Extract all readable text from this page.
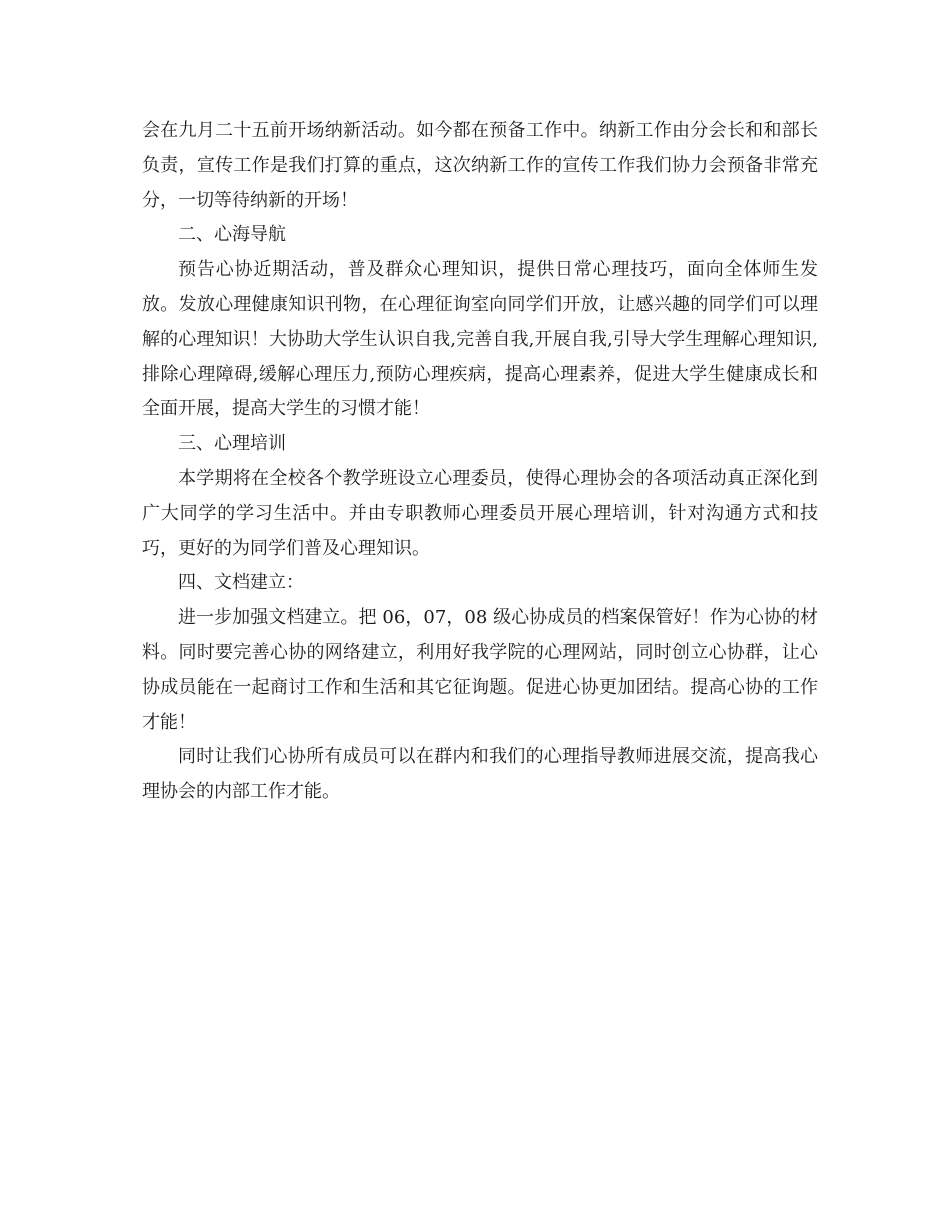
会在九月二十五前开场纳新活动。如今都在预备工作中。纳新工作由分会长和和部长负责，宣传工作是我们打算的重点，这次纳新工作的宣传工作我们协力会预备非常充分，一切等待纳新的开场！

二、心海导航

预告心协近期活动，普及群众心理知识，提供日常心理技巧，面向全体师生发放。发放心理健康知识刊物，在心理征询室向同学们开放，让感兴趣的同学们可以理解的心理知识！大协助大学生认识自我,完善自我,开展自我,引导大学生理解心理知识,排除心理障碍,缓解心理压力,预防心理疾病，提高心理素养，促进大学生健康成长和全面开展，提高大学生的习惯才能！

三、心理培训

本学期将在全校各个教学班设立心理委员，使得心理协会的各项活动真正深化到广大同学的学习生活中。并由专职教师心理委员开展心理培训，针对沟通方式和技巧，更好的为同学们普及心理知识。

四、文档建立：

进一步加强文档建立。把 06，07，08 级心协成员的档案保管好！作为心协的材料。同时要完善心协的网络建立，利用好我学院的心理网站，同时创立心协群，让心协成员能在一起商讨工作和生活和其它征询题。促进心协更加团结。提高心协的工作才能！

同时让我们心协所有成员可以在群内和我们的心理指导教师进展交流，提高我心理协会的内部工作才能。
